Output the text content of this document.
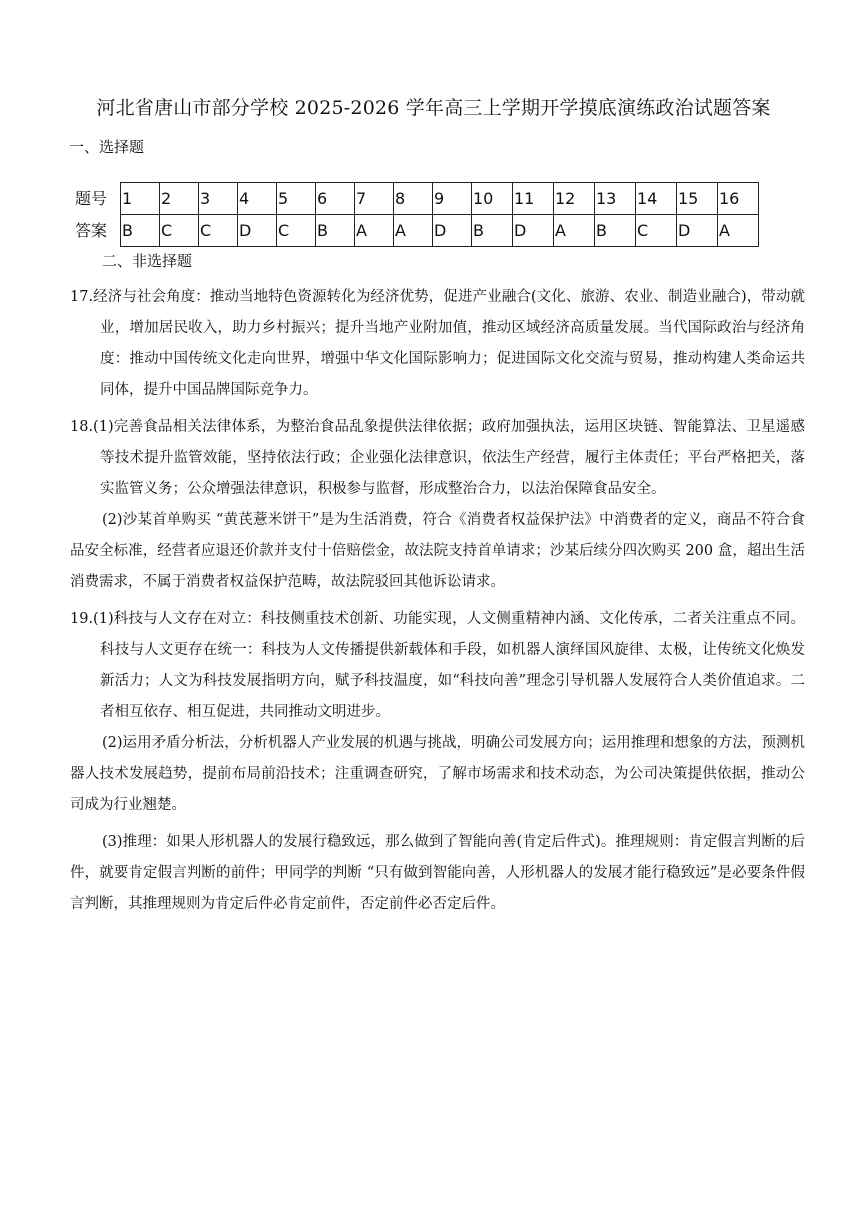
河北省唐山市部分学校 2025-2026 学年高三上学期开学摸底演练政治试题答案
一、选择题
题号	1	2	3	4	5	6	7	8	9	10	11	12	13	14	15	16
答案	B	C	C	D	C	B	A	A	D	B	D	A	B	C	D	A
二、非选择题

17.经济与社会角度：推动当地特色资源转化为经济优势，促进产业融合(文化、旅游、农业、制造业融合)，带动就业，增加居民收入，助力乡村振兴；提升当地产业附加值，推动区域经济高质量发展。当代国际政治与经济角度：推动中国传统文化走向世界，增强中华文化国际影响力；促进国际文化交流与贸易，推动构建人类命运共同体，提升中国品牌国际竞争力。

18.(1)完善食品相关法律体系，为整治食品乱象提供法律依据；政府加强执法，运用区块链、智能算法、卫星遥感等技术提升监管效能，坚持依法行政；企业强化法律意识，依法生产经营，履行主体责任；平台严格把关，落实监管义务；公众增强法律意识，积极参与监督，形成整治合力，以法治保障食品安全。

(2)沙某首单购买 “黄芪薏米饼干”是为生活消费，符合《消费者权益保护法》中消费者的定义，商品不符合食品安全标准，经营者应退还价款并支付十倍赔偿金，故法院支持首单请求；沙某后续分四次购买 200 盒，超出生活消费需求，不属于消费者权益保护范畴，故法院驳回其他诉讼请求。

19.(1)科技与人文存在对立：科技侧重技术创新、功能实现，人文侧重精神内涵、文化传承，二者关注重点不同。科技与人文更存在统一：科技为人文传播提供新载体和手段，如机器人演绎国风旋律、太极，让传统文化焕发新活力；人文为科技发展指明方向，赋予科技温度，如“科技向善”理念引导机器人发展符合人类价值追求。二者相互依存、相互促进，共同推动文明进步。

(2)运用矛盾分析法，分析机器人产业发展的机遇与挑战，明确公司发展方向；运用推理和想象的方法，预测机器人技术发展趋势，提前布局前沿技术；注重调查研究，了解市场需求和技术动态，为公司决策提供依据，推动公司成为行业翘楚。

(3)推理：如果人形机器人的发展行稳致远，那么做到了智能向善(肯定后件式)。推理规则：肯定假言判断的后件，就要肯定假言判断的前件；甲同学的判断 “只有做到智能向善，人形机器人的发展才能行稳致远”是必要条件假言判断，其推理规则为肯定后件必肯定前件，否定前件必否定后件。
